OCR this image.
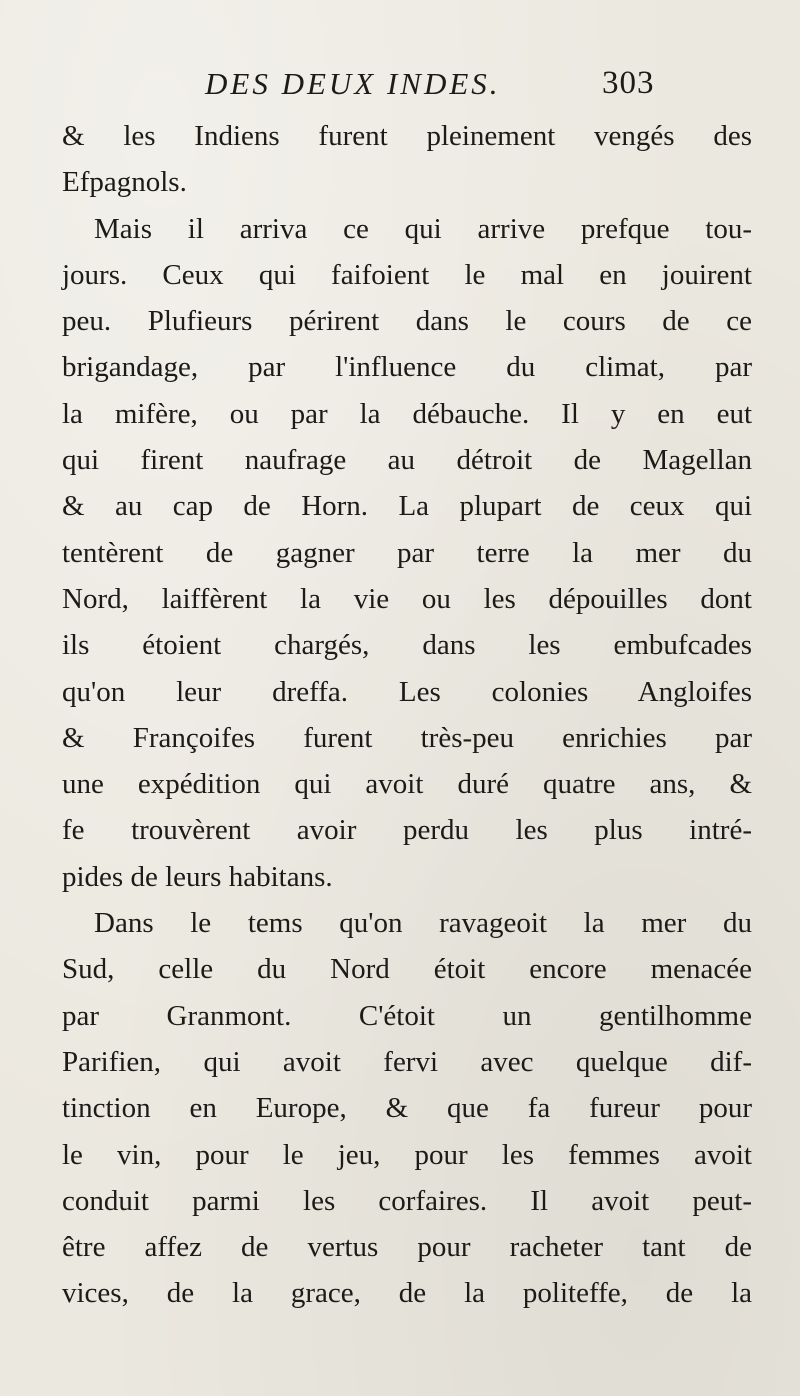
DES DEUX INDES.	303
& les Indiens furent pleinement vengés des
Efpagnols.
Mais il arriva ce qui arrive prefque tou-
jours. Ceux qui faifoient le mal en jouirent
peu. Plufieurs périrent dans le cours de ce
brigandage, par l'influence du climat, par
la mifère, ou par la débauche. Il y en eut
qui firent naufrage au détroit de Magellan
& au cap de Horn. La plupart de ceux qui
tentèrent de gagner par terre la mer du
Nord, laiffèrent la vie ou les dépouilles dont
ils étoient chargés, dans les embufcades
qu'on leur dreffa. Les colonies Angloifes
& Françoifes furent très-peu enrichies par
une expédition qui avoit duré quatre ans, &
fe trouvèrent avoir perdu les plus intré-
pides de leurs habitans.
Dans le tems qu'on ravageoit la mer du
Sud, celle du Nord étoit encore menacée
par Granmont. C'étoit un gentilhomme
Parifien, qui avoit fervi avec quelque dif-
tinction en Europe, & que fa fureur pour
le vin, pour le jeu, pour les femmes avoit
conduit parmi les corfaires. Il avoit peut-
être affez de vertus pour racheter tant de
vices, de la grace, de la politeffe, de la
